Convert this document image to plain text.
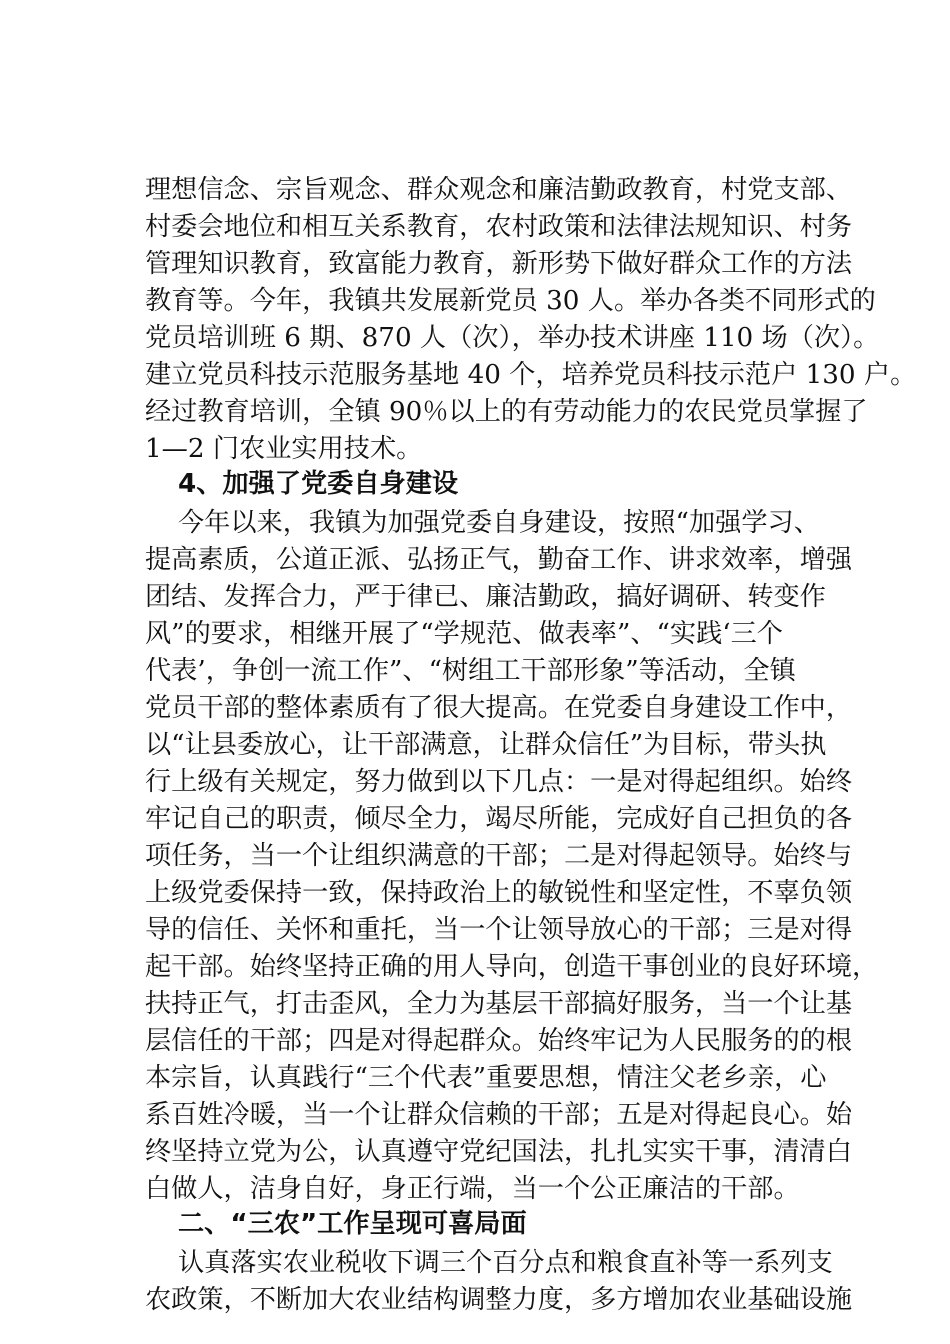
理想信念、宗旨观念、群众观念和廉洁勤政教育，村党支部、
村委会地位和相互关系教育，农村政策和法律法规知识、村务
管理知识教育，致富能力教育，新形势下做好群众工作的方法
教育等。今年，我镇共发展新党员 30 人。举办各类不同形式的
党员培训班 6 期、870 人（次），举办技术讲座 110 场（次）。
建立党员科技示范服务基地 40 个，培养党员科技示范户 130 户。
经过教育培训，全镇 90％以上的有劳动能力的农民党员掌握了
1—2 门农业实用技术。
4、加强了党委自身建设
今年以来，我镇为加强党委自身建设，按照“加强学习、
提高素质，公道正派、弘扬正气，勤奋工作、讲求效率，增强
团结、发挥合力，严于律已、廉洁勤政，搞好调研、转变作
风”的要求，相继开展了“学规范、做表率”、“实践‘三个
代表’，争创一流工作”、“树组工干部形象”等活动，全镇
党员干部的整体素质有了很大提高。在党委自身建设工作中，
以“让县委放心，让干部满意，让群众信任”为目标，带头执
行上级有关规定，努力做到以下几点：一是对得起组织。始终
牢记自己的职责，倾尽全力，竭尽所能，完成好自己担负的各
项任务，当一个让组织满意的干部；二是对得起领导。始终与
上级党委保持一致，保持政治上的敏锐性和坚定性，不辜负领
导的信任、关怀和重托，当一个让领导放心的干部；三是对得
起干部。始终坚持正确的用人导向，创造干事创业的良好环境，
扶持正气，打击歪风，全力为基层干部搞好服务，当一个让基
层信任的干部；四是对得起群众。始终牢记为人民服务的的根
本宗旨，认真践行“三个代表”重要思想，情注父老乡亲，心
系百姓冷暖，当一个让群众信赖的干部；五是对得起良心。始
终坚持立党为公，认真遵守党纪国法，扎扎实实干事，清清白
白做人，洁身自好，身正行端，当一个公正廉洁的干部。
二、“三农”工作呈现可喜局面
认真落实农业税收下调三个百分点和粮食直补等一系列支
农政策，不断加大农业结构调整力度，多方增加农业基础设施
